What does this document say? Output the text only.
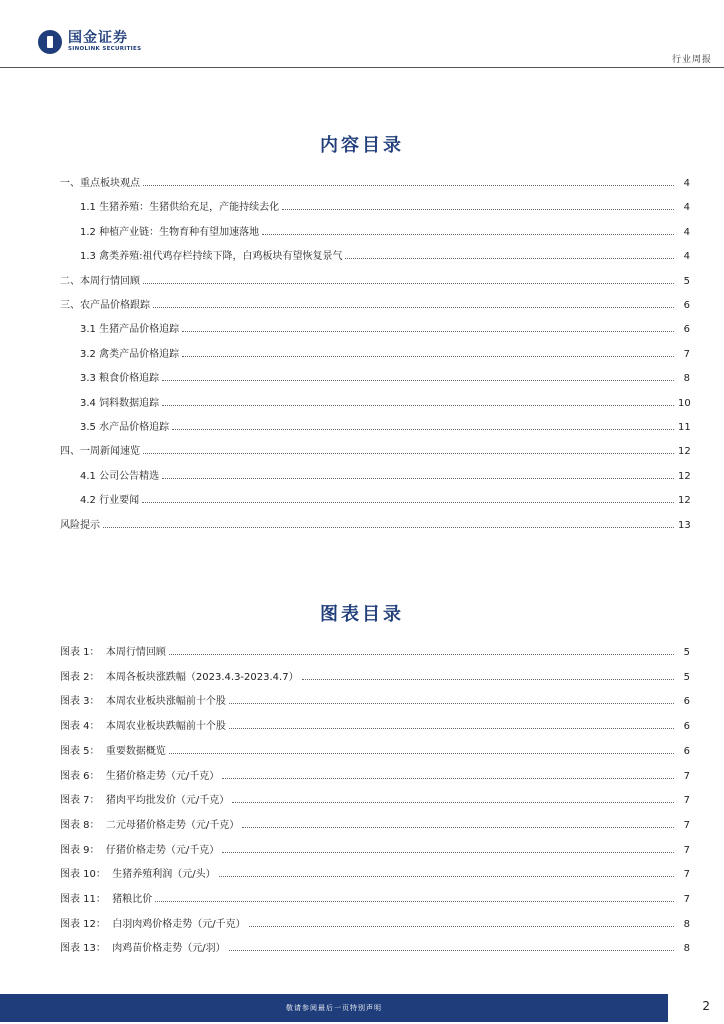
国金证券
SINOLINK SECURITIES
行业周报
内容目录
一、重点板块观点	4
1.1 生猪养殖：生猪供给充足，产能持续去化	4
1.2 种植产业链：生物育种有望加速落地	4
1.3 禽类养殖:祖代鸡存栏持续下降，白鸡板块有望恢复景气	4
二、本周行情回顾	5
三、农产品价格跟踪	6
3.1 生猪产品价格追踪	6
3.2 禽类产品价格追踪	7
3.3 粮食价格追踪	8
3.4 饲料数据追踪	10
3.5 水产品价格追踪	11
四、一周新闻速览	12
4.1 公司公告精选	12
4.2 行业要闻	12
风险提示	13
图表目录
图表 1：  本周行情回顾	5
图表 2：  本周各板块涨跌幅（2023.4.3-2023.4.7）	5
图表 3：  本周农业板块涨幅前十个股	6
图表 4：  本周农业板块跌幅前十个股	6
图表 5：  重要数据概览	6
图表 6：  生猪价格走势（元/千克）	7
图表 7：  猪肉平均批发价（元/千克）	7
图表 8：  二元母猪价格走势（元/千克）	7
图表 9：  仔猪价格走势（元/千克）	7
图表 10：  生猪养殖利润（元/头）	7
图表 11：  猪粮比价	7
图表 12：  白羽肉鸡价格走势（元/千克）	8
图表 13：  肉鸡苗价格走势（元/羽）	8
敬请参阅最后一页特别声明	2
